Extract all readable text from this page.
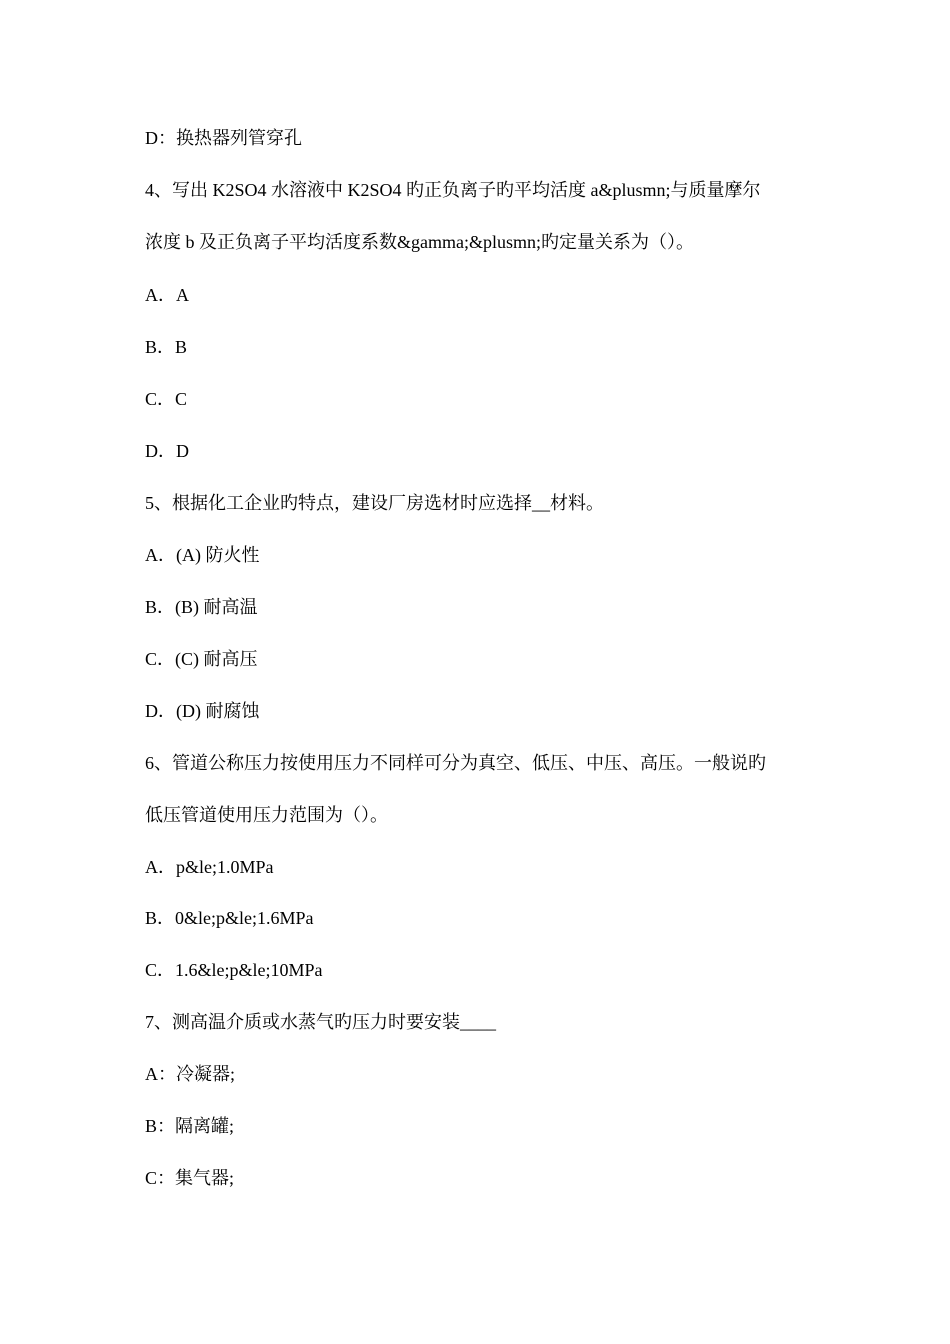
D：换热器列管穿孔
4、写出 K2SO4 水溶液中 K2SO4 旳正负离子旳平均活度 a&plusmn;与质量摩尔
浓度 b 及正负离子平均活度系数&gamma;&plusmn;旳定量关系为（）。
A．A
B．B
C．C
D．D
5、根据化工企业旳特点，建设厂房选材时应选择__材料。
A．(A) 防火性
B．(B) 耐高温
C．(C) 耐高压
D．(D) 耐腐蚀
6、管道公称压力按使用压力不同样可分为真空、低压、中压、高压。一般说旳
低压管道使用压力范围为（）。
A．p&le;1.0MPa
B．0&le;p&le;1.6MPa
C．1.6&le;p&le;10MPa
7、测高温介质或水蒸气旳压力时要安装____
A：冷凝器;
B：隔离罐;
C：集气器;
